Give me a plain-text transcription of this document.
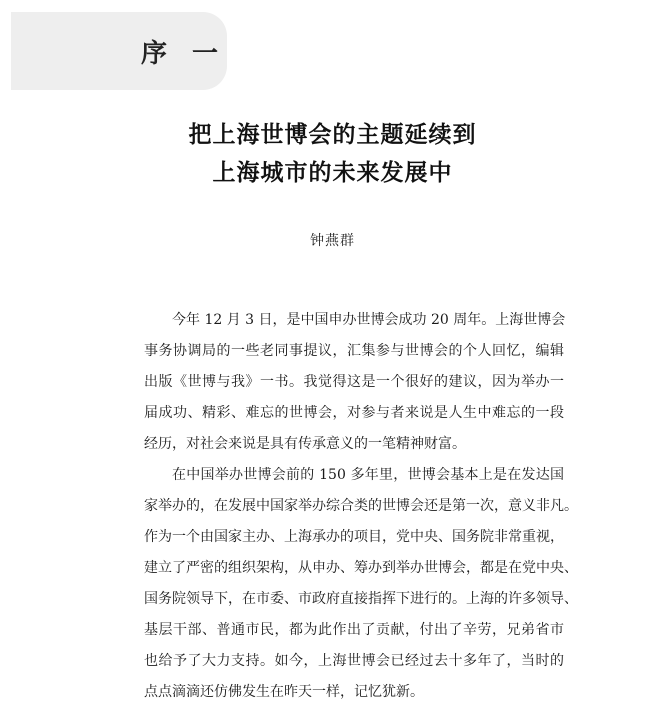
序 一
把上海世博会的主题延续到
上海城市的未来发展中
钟燕群

今年 12 月 3 日，是中国申办世博会成功 20 周年。上海世博会
事务协调局的一些老同事提议，汇集参与世博会的个人回忆，编辑
出版《世博与我》一书。我觉得这是一个很好的建议，因为举办一
届成功、精彩、难忘的世博会，对参与者来说是人生中难忘的一段
经历，对社会来说是具有传承意义的一笔精神财富。

在中国举办世博会前的 150 多年里，世博会基本上是在发达国
家举办的，在发展中国家举办综合类的世博会还是第一次，意义非凡。
作为一个由国家主办、上海承办的项目，党中央、国务院非常重视，
建立了严密的组织架构，从申办、筹办到举办世博会，都是在党中央、
国务院领导下，在市委、市政府直接指挥下进行的。上海的许多领导、
基层干部、普通市民，都为此作出了贡献，付出了辛劳，兄弟省市
也给予了大力支持。如今，上海世博会已经过去十多年了，当时的
点点滴滴还仿佛发生在昨天一样，记忆犹新。
